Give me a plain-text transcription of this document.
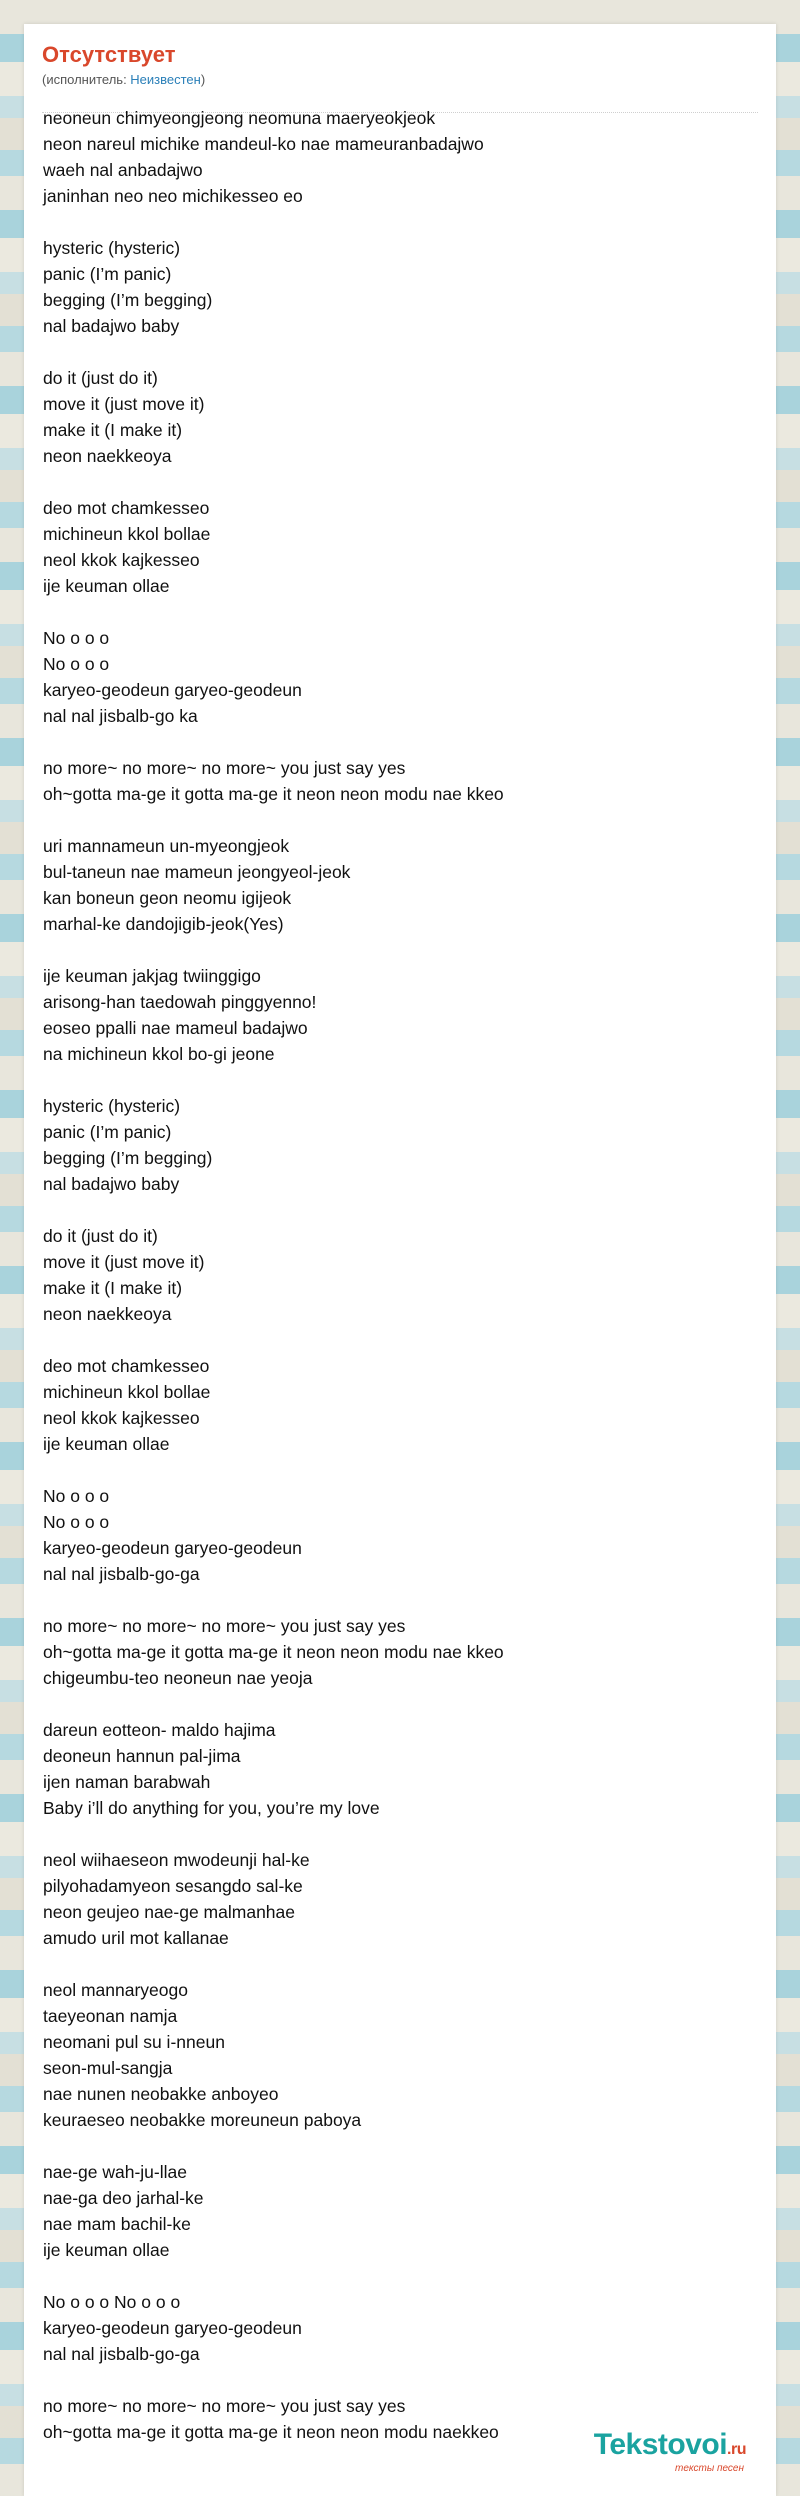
Отсутствует
(исполнитель: Неизвестен)
neoneun chimyeongjeong neomuna maeryeokjeok
neon nareul michike mandeul-ko nae mameuranbadajwo
waeh nal anbadajwo
janinhan neo neo michikesseo eo

hysteric (hysteric)
panic (I’m panic)
begging (I’m begging)
nal badajwo baby

do it (just do it)
move it (just move it)
make it (I make it)
neon naekkeoya

deo mot chamkesseo
michineun kkol bollae
neol kkok kajkesseo
ije keuman ollae

No o o o
No o o o
karyeo-geodeun garyeo-geodeun
nal nal jisbalb-go ka

no more~ no more~ no more~ you just say yes
oh~gotta ma-ge it gotta ma-ge it neon neon modu nae kkeo

uri mannameun un-myeongjeok
bul-taneun nae mameun jeongyeol-jeok
kan boneun geon neomu igijeok
marhal-ke dandojigib-jeok(Yes)

ije keuman jakjag twiinggigo
arisong-han taedowah pinggyenno!
eoseo ppalli nae mameul badajwo
na michineun kkol bo-gi jeone

hysteric (hysteric)
panic (I’m panic)
begging (I’m begging)
nal badajwo baby

do it (just do it)
move it (just move it)
make it (I make it)
neon naekkeoya

deo mot chamkesseo
michineun kkol bollae
neol kkok kajkesseo
ije keuman ollae

No o o o
No o o o
karyeo-geodeun garyeo-geodeun
nal nal jisbalb-go-ga

no more~ no more~ no more~ you just say yes
oh~gotta ma-ge it gotta ma-ge it neon neon modu nae kkeo
chigeumbu-teo neoneun nae yeoja

dareun eotteon- maldo hajima
deoneun hannun pal-jima
ijen naman barabwah
Baby i’ll do anything for you, you’re my love

neol wiihaeseon mwodeunji hal-ke
pilyohadamyeon sesangdo sal-ke
neon geujeo nae-ge malmanhae
amudo uril mot kallanae

neol mannaryeogo
taeyeonan namja
neomani pul su i-nneun
seon-mul-sangja
nae nunen neobakke anboyeo
keuraeseo neobakke moreuneun paboya

nae-ge wah-ju-llae
nae-ga deo jarhal-ke
nae mam bachil-ke
ije keuman ollae

No o o o No o o o
karyeo-geodeun garyeo-geodeun
nal nal jisbalb-go-ga

no more~ no more~ no more~ you just say yes
oh~gotta ma-ge it gotta ma-ge it neon neon modu naekkeo	Tekstovoi.ru
тексты песен
